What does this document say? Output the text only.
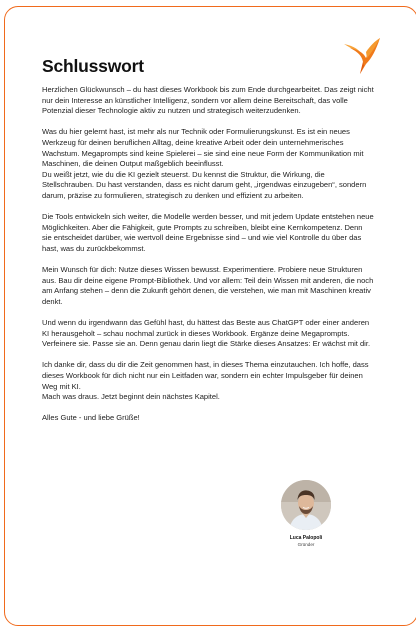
Schlusswort

Herzlichen Glückwunsch – du hast dieses Workbook bis zum Ende durchgearbeitet. Das zeigt nicht nur dein Interesse an künstlicher Intelligenz, sondern vor allem deine Bereitschaft, das volle Potenzial dieser Technologie aktiv zu nutzen und strategisch weiterzudenken.

Was du hier gelernt hast, ist mehr als nur Technik oder Formulierungskunst. Es ist ein neues Werkzeug für deinen beruflichen Alltag, deine kreative Arbeit oder dein unternehmerisches Wachstum. Megaprompts sind keine Spielerei – sie sind eine neue Form der Kommunikation mit Maschinen, die deinen Output maßgeblich beeinflusst.

Du weißt jetzt, wie du die KI gezielt steuerst. Du kennst die Struktur, die Wirkung, die Stellschrauben. Du hast verstanden, dass es nicht darum geht, „irgendwas einzugeben“, sondern darum, präzise zu formulieren, strategisch zu denken und effizient zu arbeiten.

Die Tools entwickeln sich weiter, die Modelle werden besser, und mit jedem Update entstehen neue Möglichkeiten. Aber die Fähigkeit, gute Prompts zu schreiben, bleibt eine Kernkompetenz. Denn sie entscheidet darüber, wie wertvoll deine Ergebnisse sind – und wie viel Kontrolle du über das hast, was du zurückbekommst.

Mein Wunsch für dich: Nutze dieses Wissen bewusst. Experimentiere. Probiere neue Strukturen aus. Bau dir deine eigene Prompt-Bibliothek. Und vor allem: Teil dein Wissen mit anderen, die noch am Anfang stehen – denn die Zukunft gehört denen, die verstehen, wie man mit Maschinen kreativ denkt.

Und wenn du irgendwann das Gefühl hast, du hättest das Beste aus ChatGPT oder einer anderen KI herausgeholt – schau nochmal zurück in dieses Workbook. Ergänze deine Megaprompts. Verfeinere sie. Passe sie an. Denn genau darin liegt die Stärke dieses Ansatzes: Er wächst mit dir.

Ich danke dir, dass du dir die Zeit genommen hast, in dieses Thema einzutauchen. Ich hoffe, dass dieses Workbook für dich nicht nur ein Leitfaden war, sondern ein echter Impulsgeber für deinen Weg mit KI.

Mach was draus. Jetzt beginnt dein nächstes Kapitel.

Alles Gute - und liebe Grüße!

Luca Palopoli
Gründer
